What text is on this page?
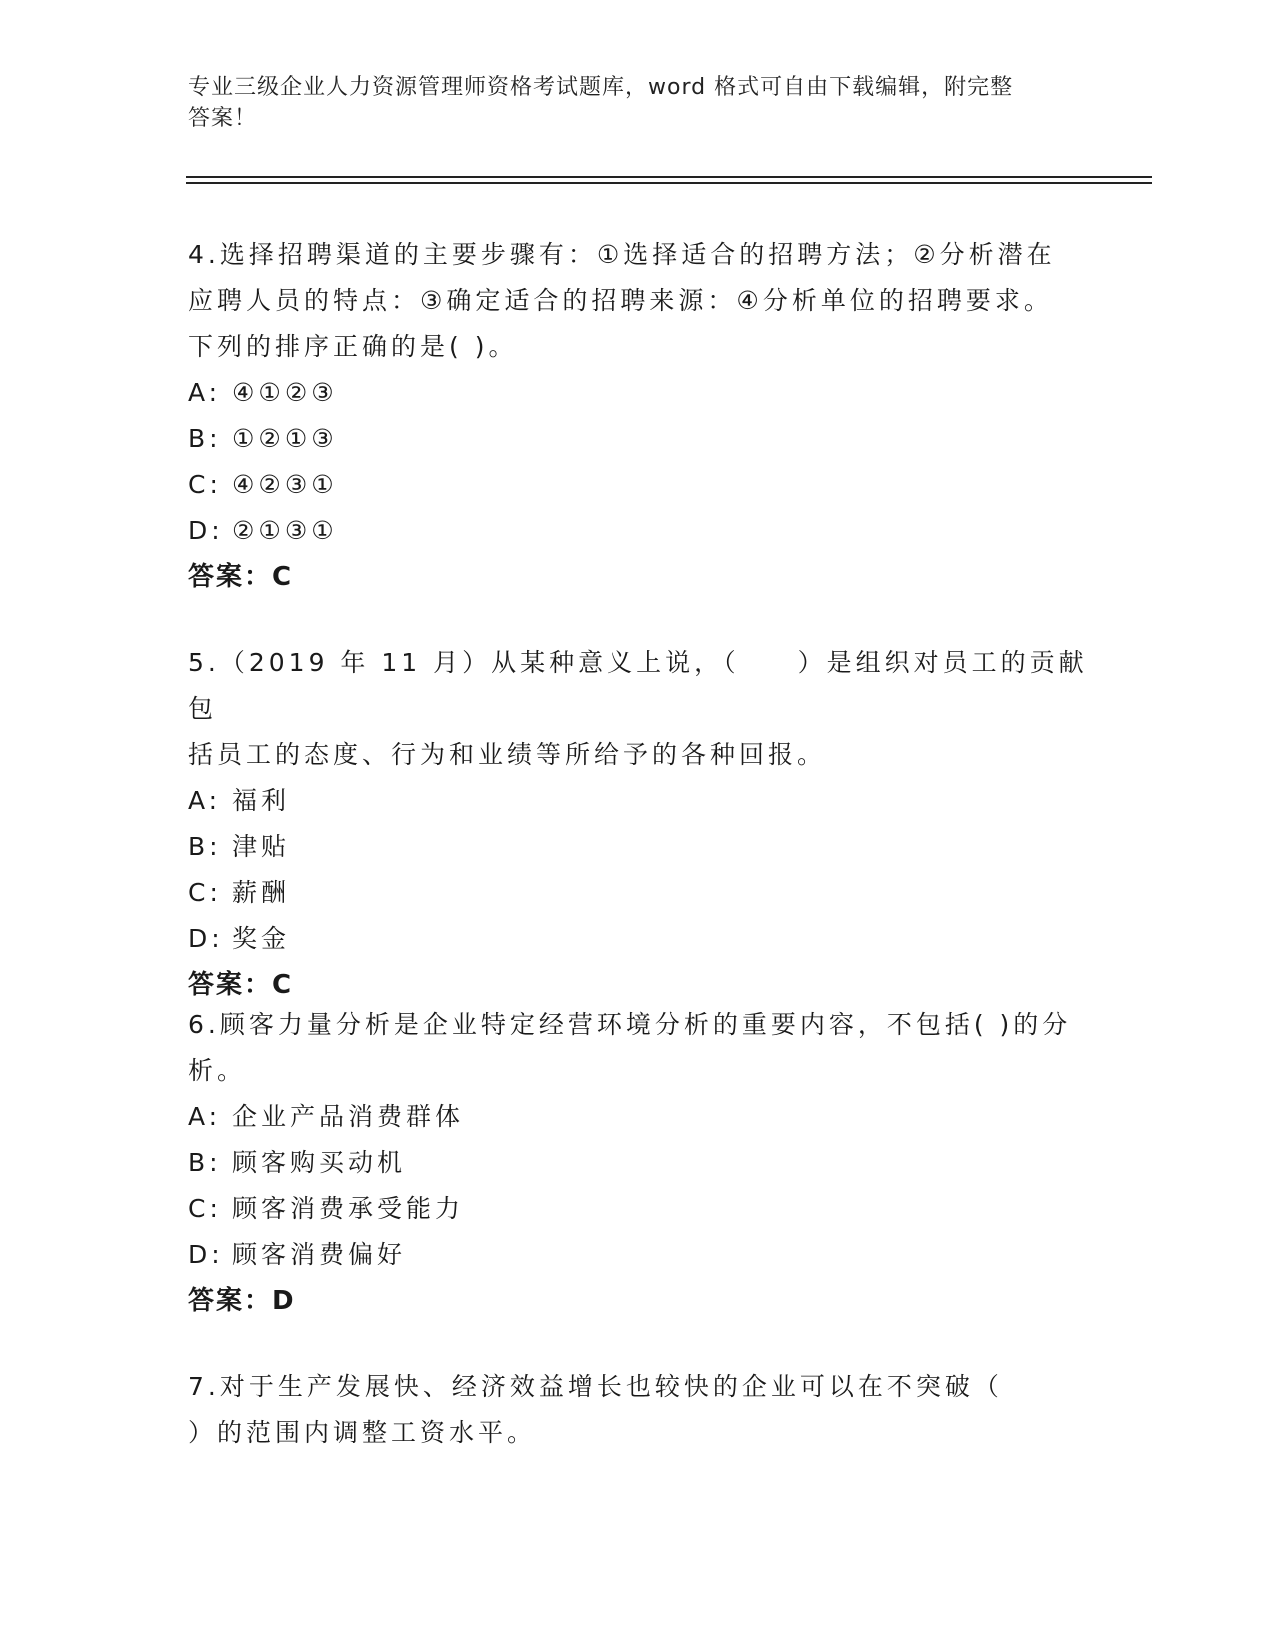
专业三级企业人力资源管理师资格考试题库，word 格式可自由下载编辑，附完整
答案！

4.选择招聘渠道的主要步骤有：①选择适合的招聘方法；②分析潜在

应聘人员的特点：③确定适合的招聘来源：④分析单位的招聘要求。

下列的排序正确的是( )。

A: ④①②③
B: ①②①③
C: ④②③①
D: ②①③①

答案：C

5.（2019 年 11 月）从某种意义上说，（　　）是组织对员工的贡献包

括员工的态度、行为和业绩等所给予的各种回报。

A: 福利
B: 津贴
C: 薪酬
D: 奖金

答案：C

6.顾客力量分析是企业特定经营环境分析的重要内容，不包括( )的分

析。

A: 企业产品消费群体
B: 顾客购买动机
C: 顾客消费承受能力
D: 顾客消费偏好

答案：D

7.对于生产发展快、经济效益增长也较快的企业可以在不突破（

）的范围内调整工资水平。
